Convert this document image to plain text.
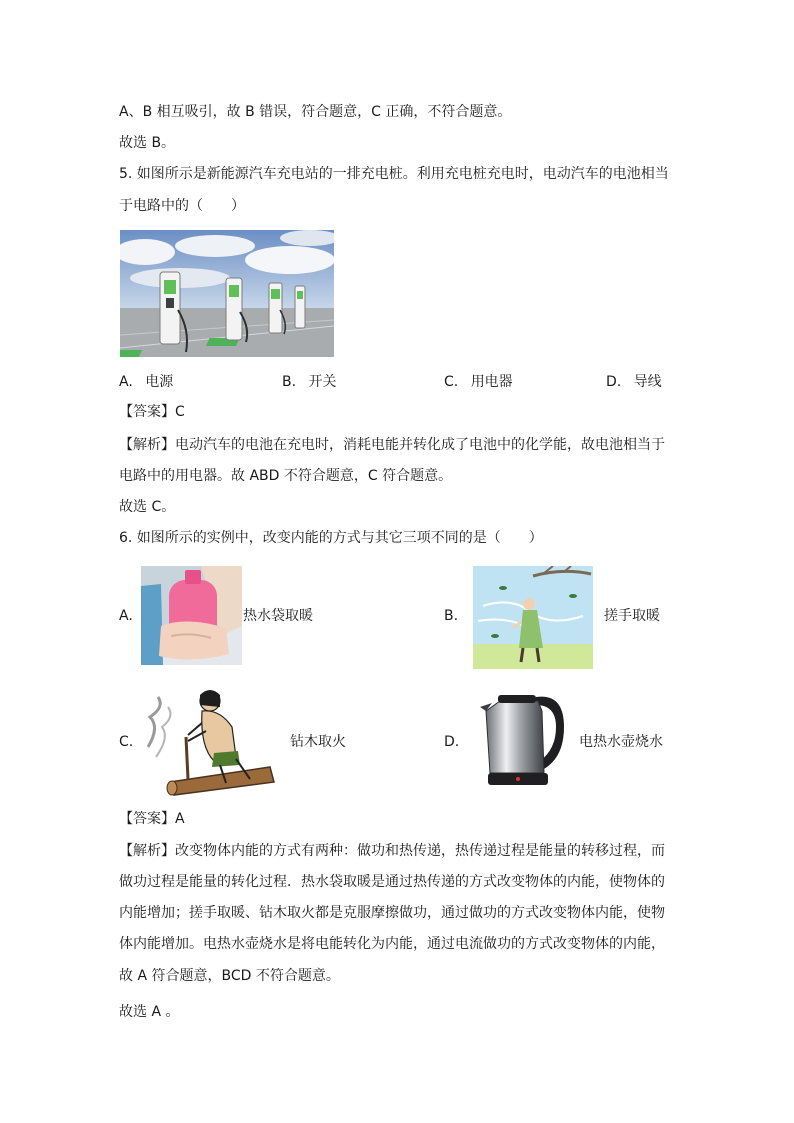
A、B 相互吸引，故 B 错误，符合题意，C 正确，不符合题意。
故选 B。
5. 如图所示是新能源汽车充电站的一排充电桩。利用充电桩充电时，电动汽车的电池相当
于电路中的（　　）
A. 电源	B. 开关	C. 用电器	D. 导线
【答案】C
【解析】电动汽车的电池在充电时，消耗电能并转化成了电池中的化学能，故电池相当于
电路中的用电器。故 ABD 不符合题意，C 符合题意。
故选 C。
6. 如图所示的实例中，改变内能的方式与其它三项不同的是（　　）
A.	热水袋取暖	B.	搓手取暖
C.	钻木取火	D.	电热水壶烧水
【答案】A
【解析】改变物体内能的方式有两种：做功和热传递，热传递过程是能量的转移过程，而
做功过程是能量的转化过程．热水袋取暖是通过热传递的方式改变物体的内能，使物体的
内能增加；搓手取暖、钻木取火都是克服摩擦做功，通过做功的方式改变物体内能，使物
体内能增加。电热水壶烧水是将电能转化为内能，通过电流做功的方式改变物体的内能，
故 A 符合题意，BCD 不符合题意。
故选 A 。
